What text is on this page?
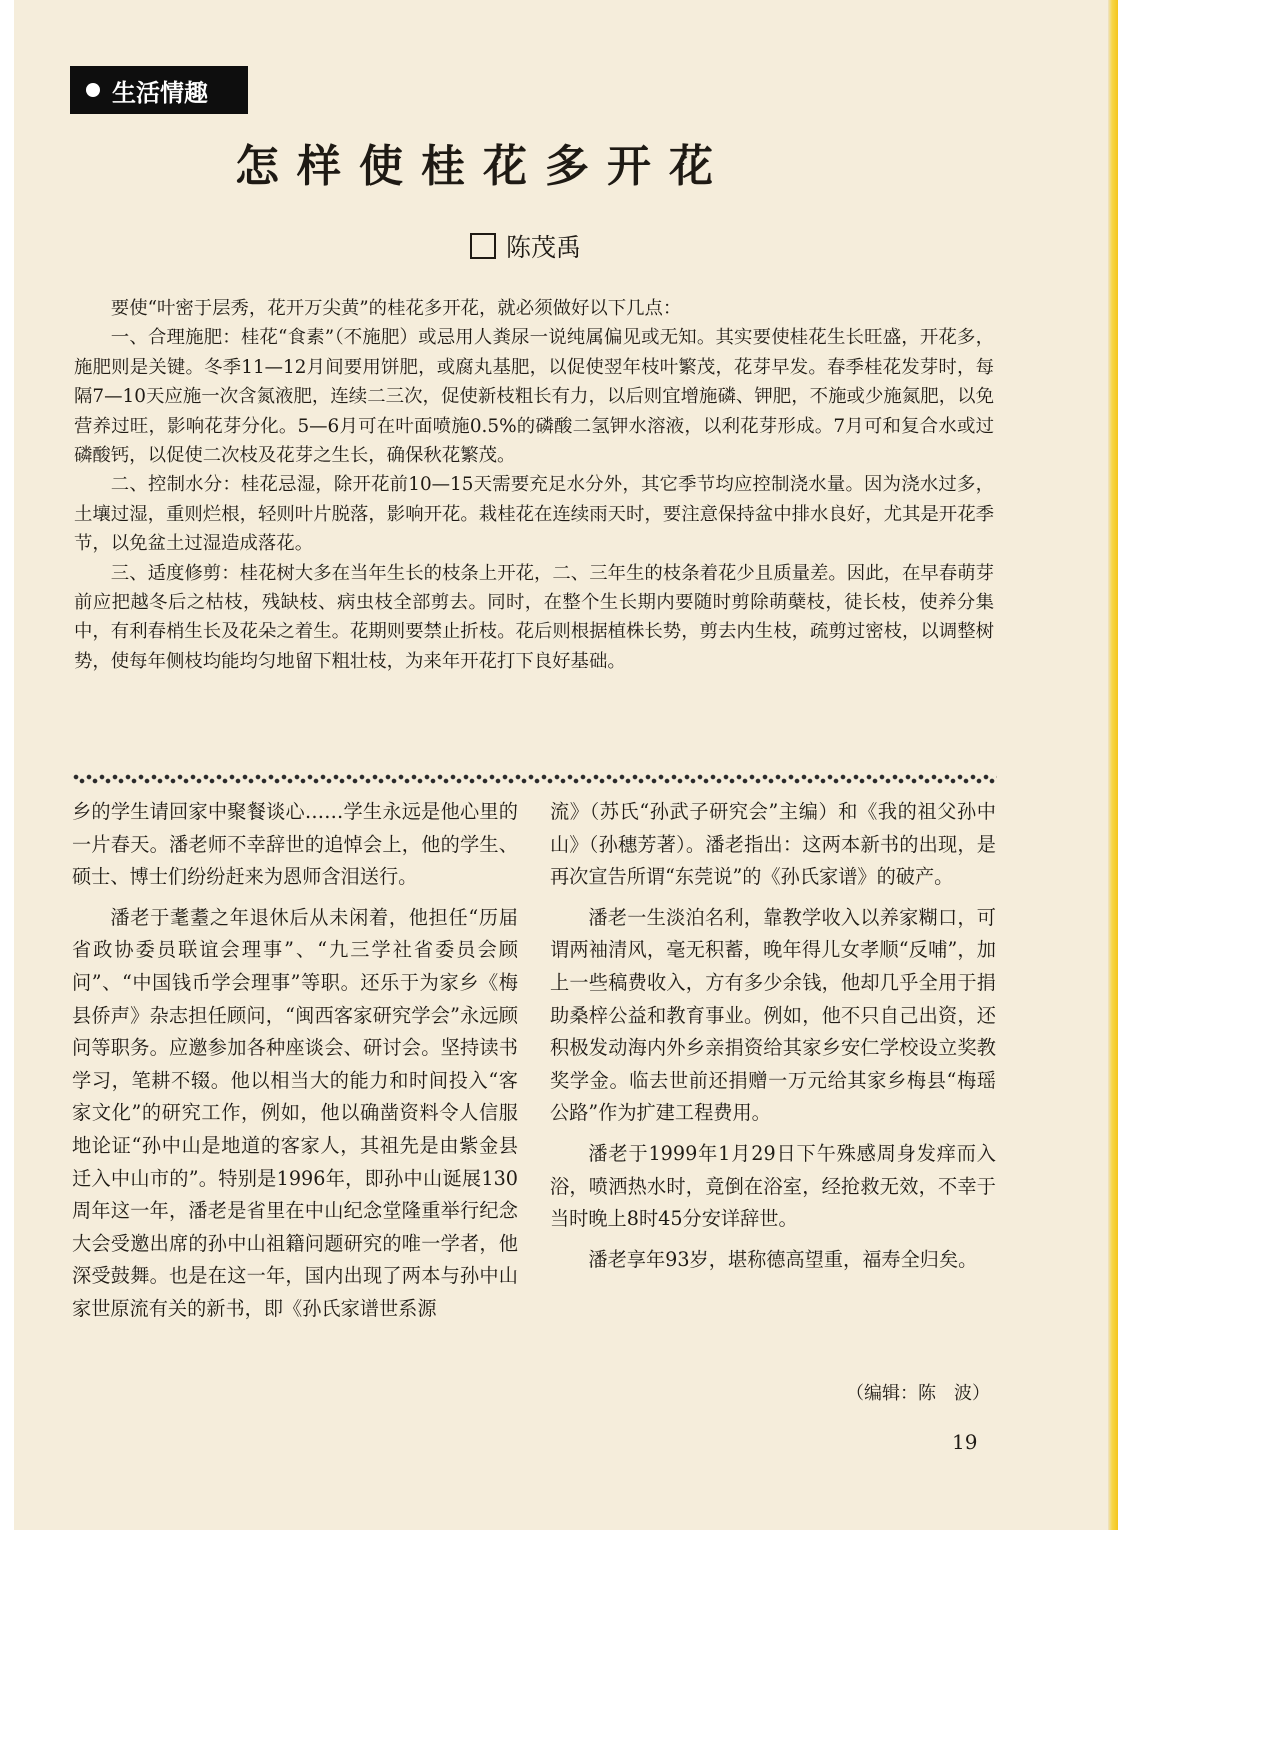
生活情趣
怎样使桂花多开花
陈茂禹

要使“叶密于层秀，花开万尖黄”的桂花多开花，就必须做好以下几点：

一、合理施肥：桂花“食素”（不施肥）或忌用人粪尿一说纯属偏见或无知。其实要使桂花生长旺盛，开花多，施肥则是关键。冬季11—12月间要用饼肥，或腐丸基肥，以促使翌年枝叶繁茂，花芽早发。春季桂花发芽时，每隔7—10天应施一次含氮液肥，连续二三次，促使新枝粗长有力，以后则宜增施磷、钾肥，不施或少施氮肥，以免营养过旺，影响花芽分化。5—6月可在叶面喷施0.5%的磷酸二氢钾水溶液，以利花芽形成。7月可和复合水或过磷酸钙，以促使二次枝及花芽之生长，确保秋花繁茂。

二、控制水分：桂花忌湿，除开花前10—15天需要充足水分外，其它季节均应控制浇水量。因为浇水过多，土壤过湿，重则烂根，轻则叶片脱落，影响开花。栽桂花在连续雨天时，要注意保持盆中排水良好，尤其是开花季节，以免盆土过湿造成落花。

三、适度修剪：桂花树大多在当年生长的枝条上开花，二、三年生的枝条着花少且质量差。因此，在早春萌芽前应把越冬后之枯枝，残缺枝、病虫枝全部剪去。同时，在整个生长期内要随时剪除萌蘖枝，徒长枝，使养分集中，有利春梢生长及花朵之着生。花期则要禁止折枝。花后则根据植株长势，剪去内生枝，疏剪过密枝，以调整树势，使每年侧枝均能均匀地留下粗壮枝，为来年开花打下良好基础。

乡的学生请回家中聚餐谈心……学生永远是他心里的一片春天。潘老师不幸辞世的追悼会上，他的学生、硕士、博士们纷纷赶来为恩师含泪送行。

潘老于耄耋之年退休后从未闲着，他担任“历届省政协委员联谊会理事”、“九三学社省委员会顾问”、“中国钱币学会理事”等职。还乐于为家乡《梅县侨声》杂志担任顾问，“闽西客家研究学会”永远顾问等职务。应邀参加各种座谈会、研讨会。坚持读书学习，笔耕不辍。他以相当大的能力和时间投入“客家文化”的研究工作，例如，他以确凿资料令人信服地论证“孙中山是地道的客家人，其祖先是由紫金县迁入中山市的”。特别是1996年，即孙中山诞展130周年这一年，潘老是省里在中山纪念堂隆重举行纪念大会受邀出席的孙中山祖籍问题研究的唯一学者，他深受鼓舞。也是在这一年，国内出现了两本与孙中山家世原流有关的新书，即《孙氏家谱世系源

流》（苏氏“孙武子研究会”主编）和《我的祖父孙中山》（孙穗芳著）。潘老指出：这两本新书的出现，是再次宣告所谓“东莞说”的《孙氏家谱》的破产。

潘老一生淡泊名利，靠教学收入以养家糊口，可谓两袖清风，毫无积蓄，晚年得儿女孝顺“反哺”，加上一些稿费收入，方有多少余钱，他却几乎全用于捐助桑梓公益和教育事业。例如，他不只自己出资，还积极发动海内外乡亲捐资给其家乡安仁学校设立奖教奖学金。临去世前还捐赠一万元给其家乡梅县“梅瑶公路”作为扩建工程费用。

潘老于1999年1月29日下午殊感周身发痒而入浴，喷洒热水时，竟倒在浴室，经抢救无效，不幸于当时晚上8时45分安详辞世。

潘老享年93岁，堪称德高望重，福寿全归矣。

（编辑：陈　波）
19
